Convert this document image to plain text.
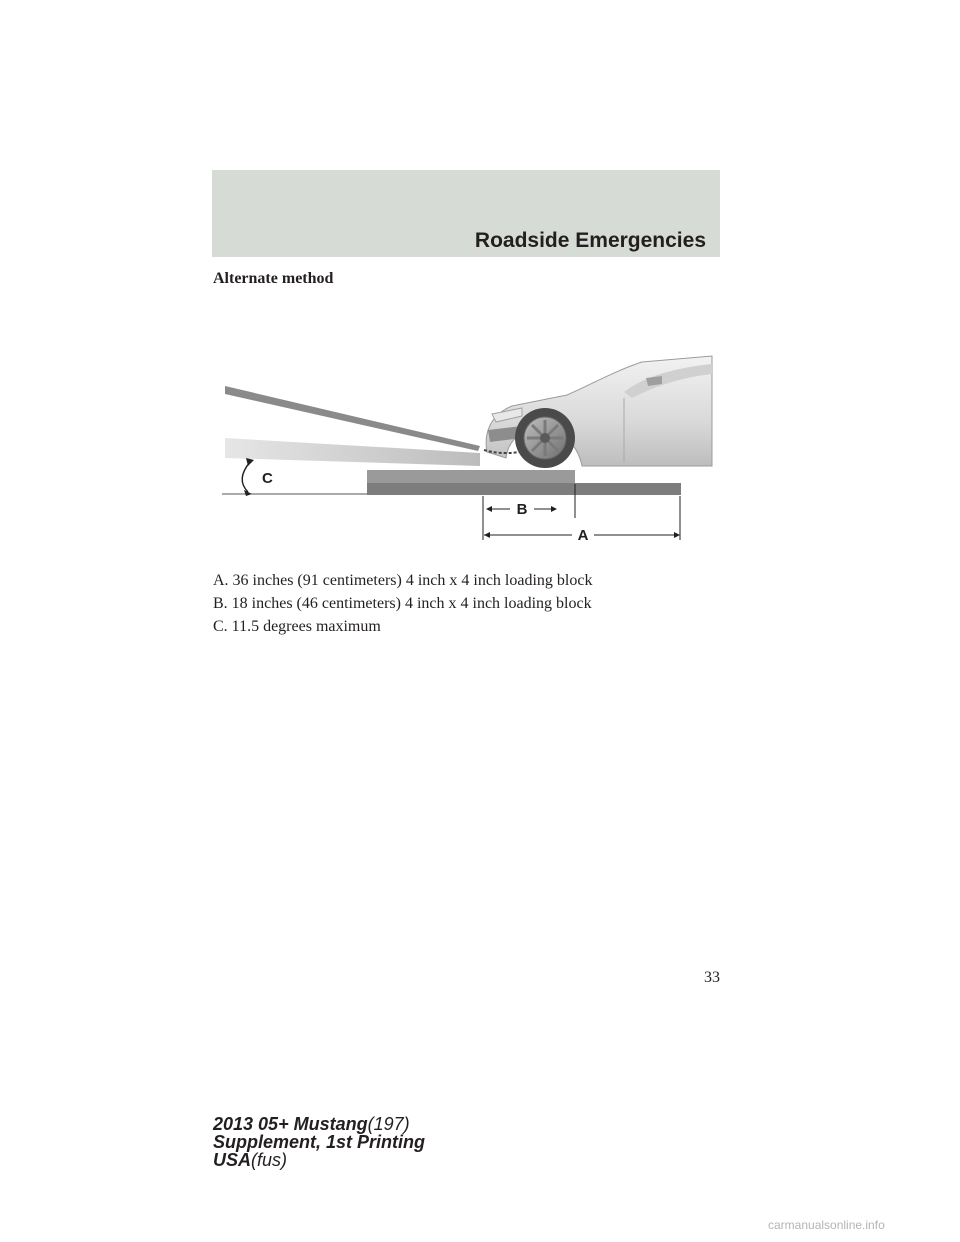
Roadside Emergencies
Alternate method
C
B
A
A. 36 inches (91 centimeters) 4 inch x 4 inch loading block
B. 18 inches (46 centimeters) 4 inch x 4 inch loading block
C. 11.5 degrees maximum
33
2013 05+ Mustang(197)
Supplement, 1st Printing
USA(fus)
carmanualsonline.info
